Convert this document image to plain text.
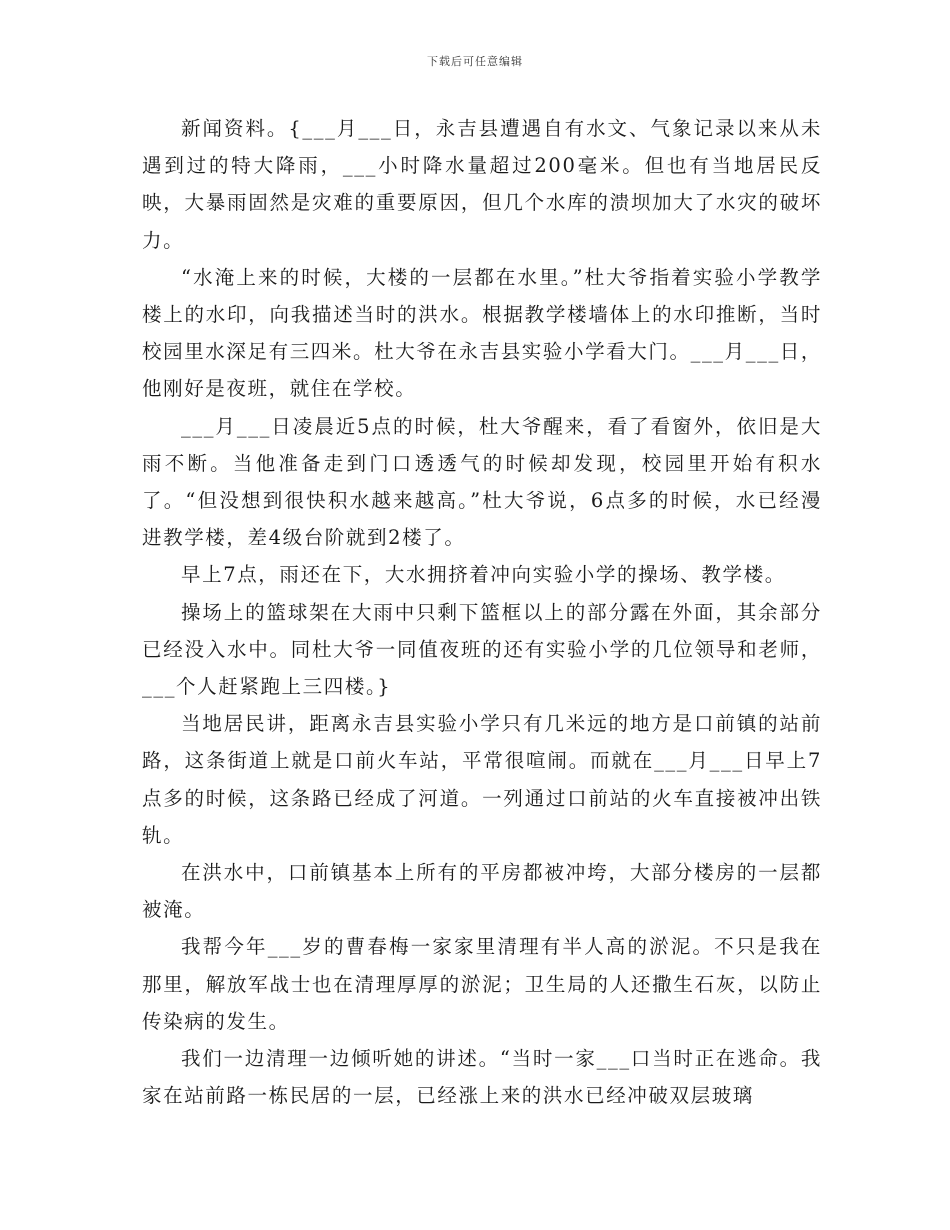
下载后可任意编辑

新闻资料。{___月___日，永吉县遭遇自有水文、气象记录以来从未遇到过的特大降雨，___小时降水量超过200毫米。但也有当地居民反映，大暴雨固然是灾难的重要原因，但几个水库的溃坝加大了水灾的破坏力。

“水淹上来的时候，大楼的一层都在水里。”杜大爷指着实验小学教学楼上的水印，向我描述当时的洪水。根据教学楼墙体上的水印推断，当时校园里水深足有三四米。杜大爷在永吉县实验小学看大门。___月___日，他刚好是夜班，就住在学校。

___月___日凌晨近5点的时候，杜大爷醒来，看了看窗外，依旧是大雨不断。当他准备走到门口透透气的时候却发现，校园里开始有积水了。“但没想到很快积水越来越高。”杜大爷说，6点多的时候，水已经漫进教学楼，差4级台阶就到2楼了。

早上7点，雨还在下，大水拥挤着冲向实验小学的操场、教学楼。

操场上的篮球架在大雨中只剩下篮框以上的部分露在外面，其余部分已经没入水中。同杜大爷一同值夜班的还有实验小学的几位领导和老师，___个人赶紧跑上三四楼。}

当地居民讲，距离永吉县实验小学只有几米远的地方是口前镇的站前路，这条街道上就是口前火车站，平常很喧闹。而就在___月___日早上7点多的时候，这条路已经成了河道。一列通过口前站的火车直接被冲出铁轨。

在洪水中，口前镇基本上所有的平房都被冲垮，大部分楼房的一层都被淹。

我帮今年___岁的曹春梅一家家里清理有半人高的淤泥。不只是我在那里，解放军战士也在清理厚厚的淤泥；卫生局的人还撒生石灰，以防止传染病的发生。

我们一边清理一边倾听她的讲述。“当时一家___口当时正在逃命。我家在站前路一栋民居的一层，已经涨上来的洪水已经冲破双层玻璃
